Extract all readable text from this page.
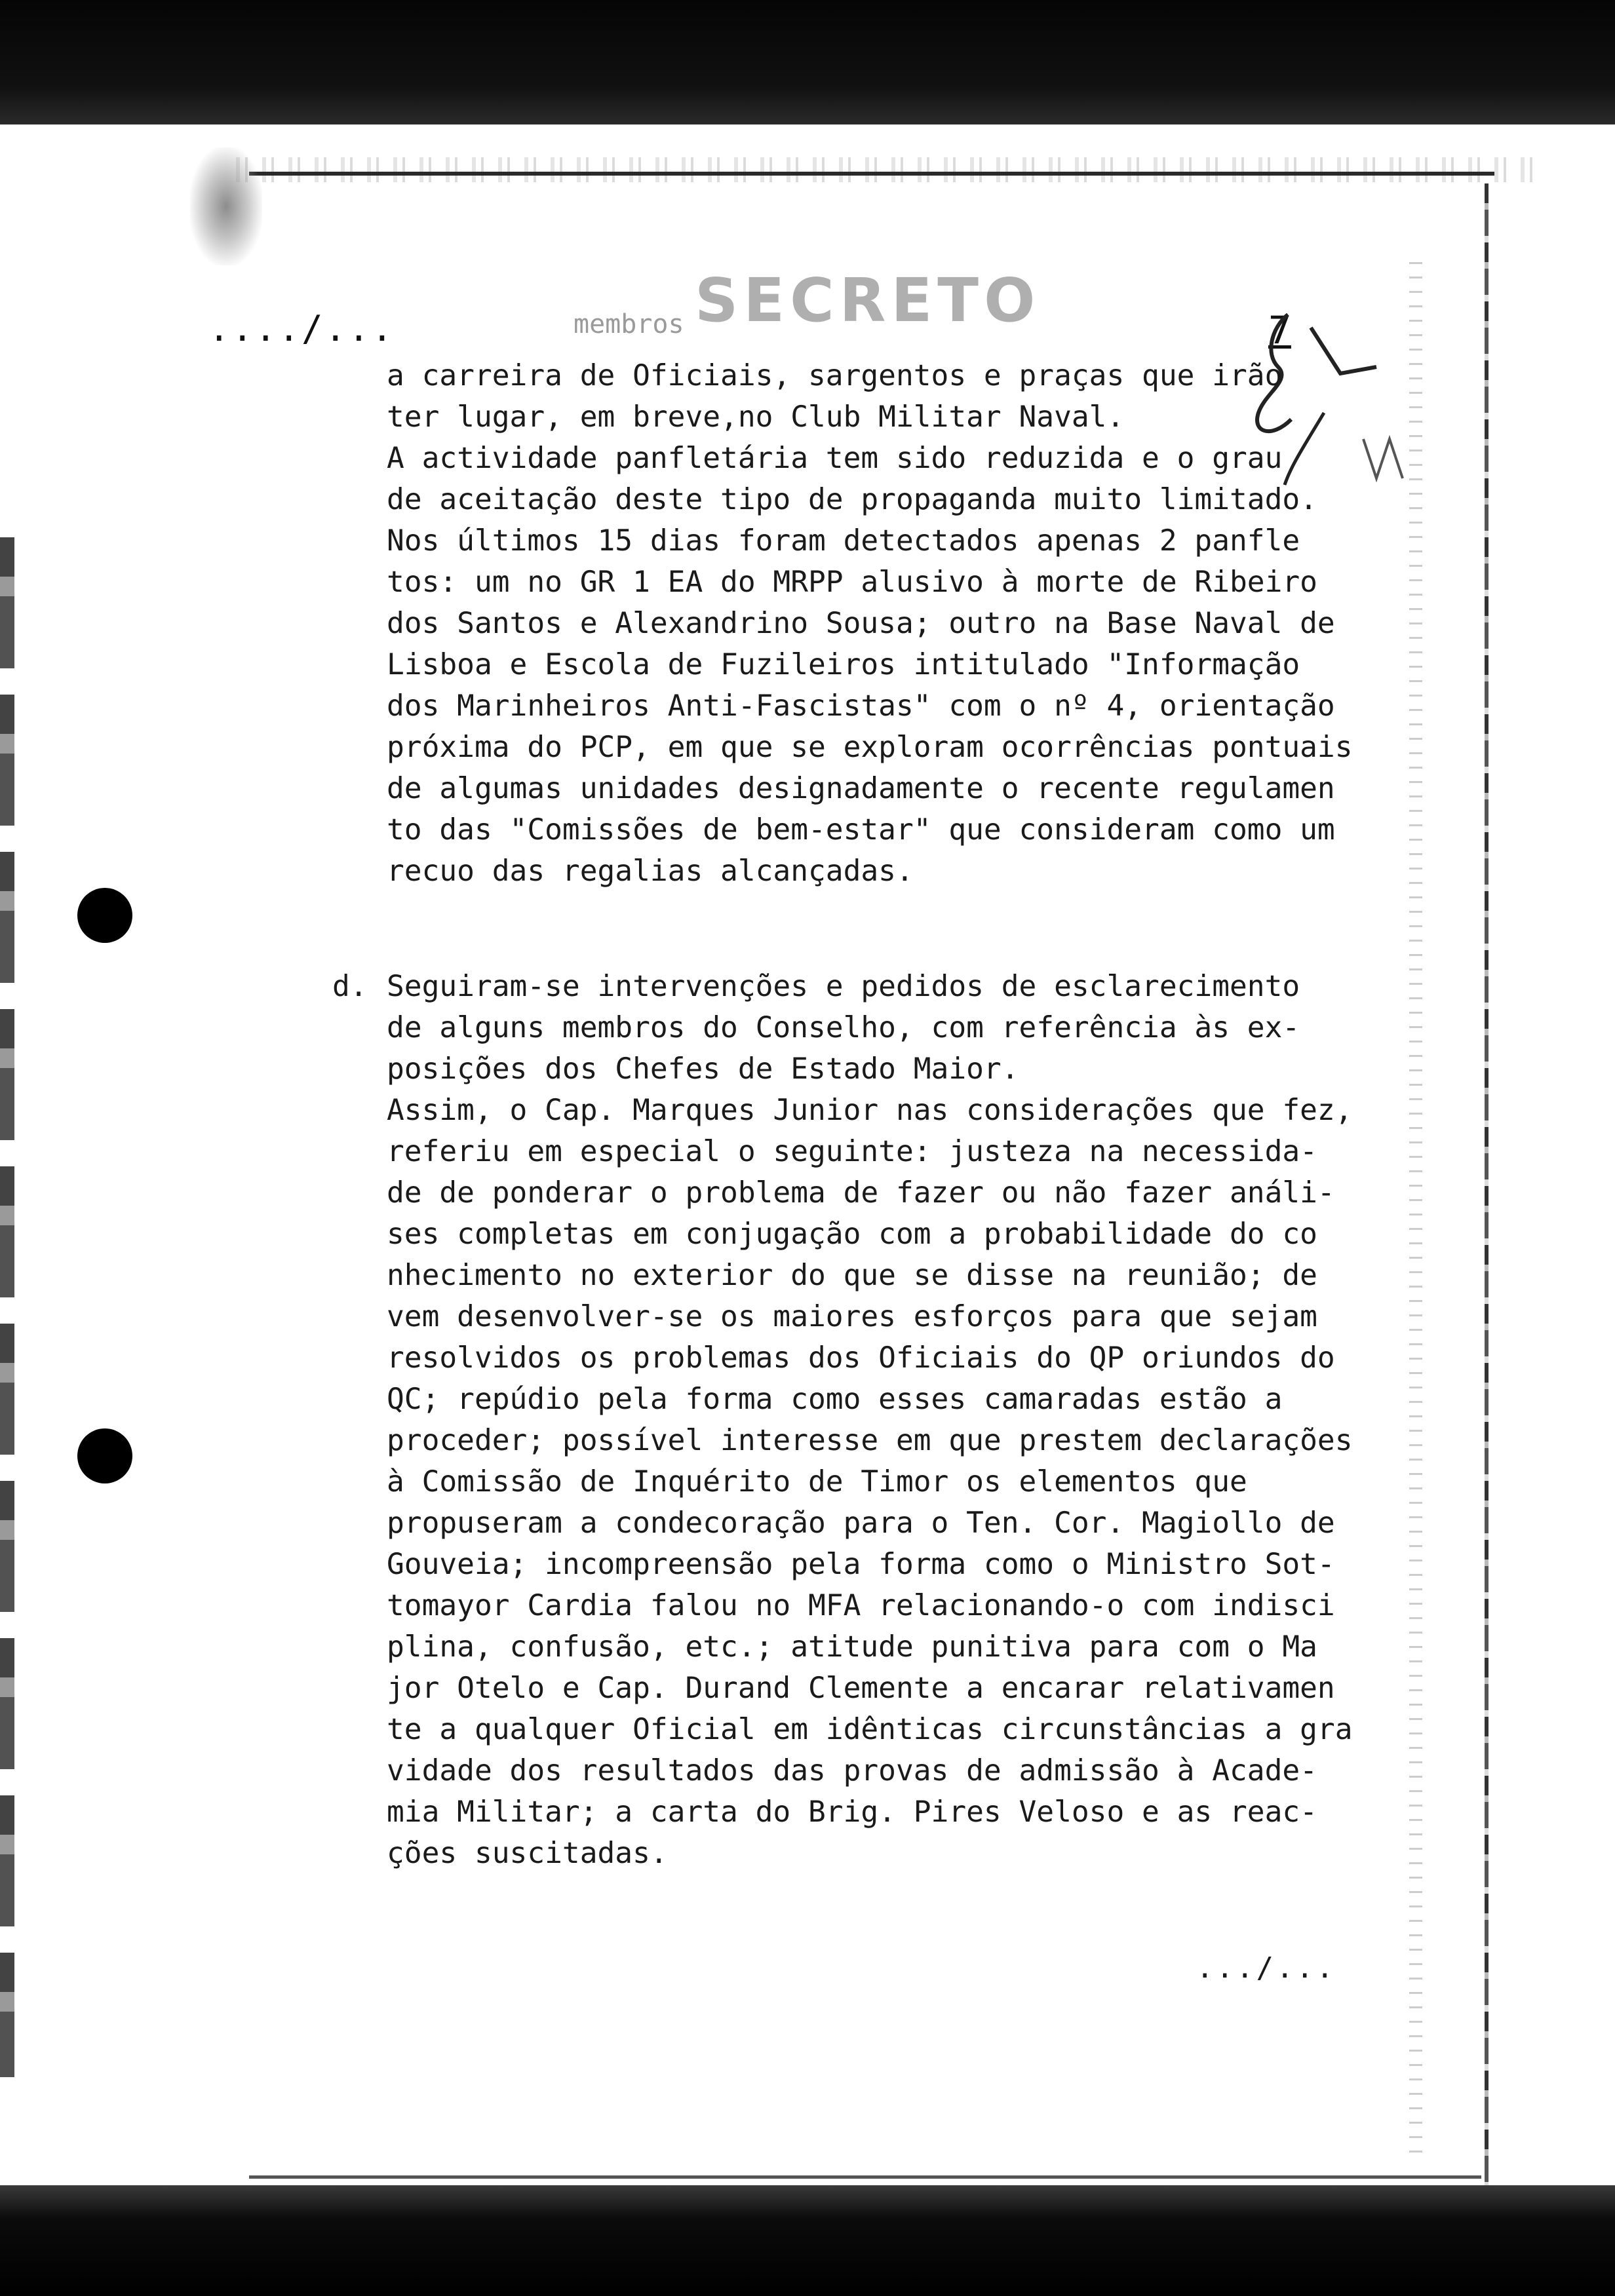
..../...	membros SECRETO	7
a carreira de Oficiais, sargentos e praças que irão
ter lugar, em breve,no Club Militar Naval.
A actividade panfletária tem sido reduzida e o grau
de aceitação deste tipo de propaganda muito limitado.
Nos últimos 15 dias foram detectados apenas 2 panfle
tos: um no GR 1 EA do MRPP alusivo à morte de Ribeiro
dos Santos e Alexandrino Sousa; outro na Base Naval de
Lisboa e Escola de Fuzileiros intitulado "Informação
dos Marinheiros Anti-Fascistas" com o nº 4, orientação
próxima do PCP, em que se exploram ocorrências pontuais
de algumas unidades designadamente o recente regulamen
to das "Comissões de bem-estar" que consideram como um
recuo das regalias alcançadas.
d. Seguiram-se intervenções e pedidos de esclarecimento
de alguns membros do Conselho, com referência às ex-
posições dos Chefes de Estado Maior.
Assim, o Cap. Marques Junior nas considerações que fez,
referiu em especial o seguinte: justeza na necessida-
de de ponderar o problema de fazer ou não fazer análi-
ses completas em conjugação com a probabilidade do co
nhecimento no exterior do que se disse na reunião; de
vem desenvolver-se os maiores esforços para que sejam
resolvidos os problemas dos Oficiais do QP oriundos do
QC; repúdio pela forma como esses camaradas estão a
proceder; possível interesse em que prestem declarações
à Comissão de Inquérito de Timor os elementos que
propuseram a condecoração para o Ten. Cor. Magiollo de
Gouveia; incompreensão pela forma como o Ministro Sot-
tomayor Cardia falou no MFA relacionando-o com indisci
plina, confusão, etc.; atitude punitiva para com o Ma
jor Otelo e Cap. Durand Clemente a encarar relativamen
te a qualquer Oficial em idênticas circunstâncias a gra
vidade dos resultados das provas de admissão à Acade-
mia Militar; a carta do Brig. Pires Veloso e as reac-
ções suscitadas.
.../...
